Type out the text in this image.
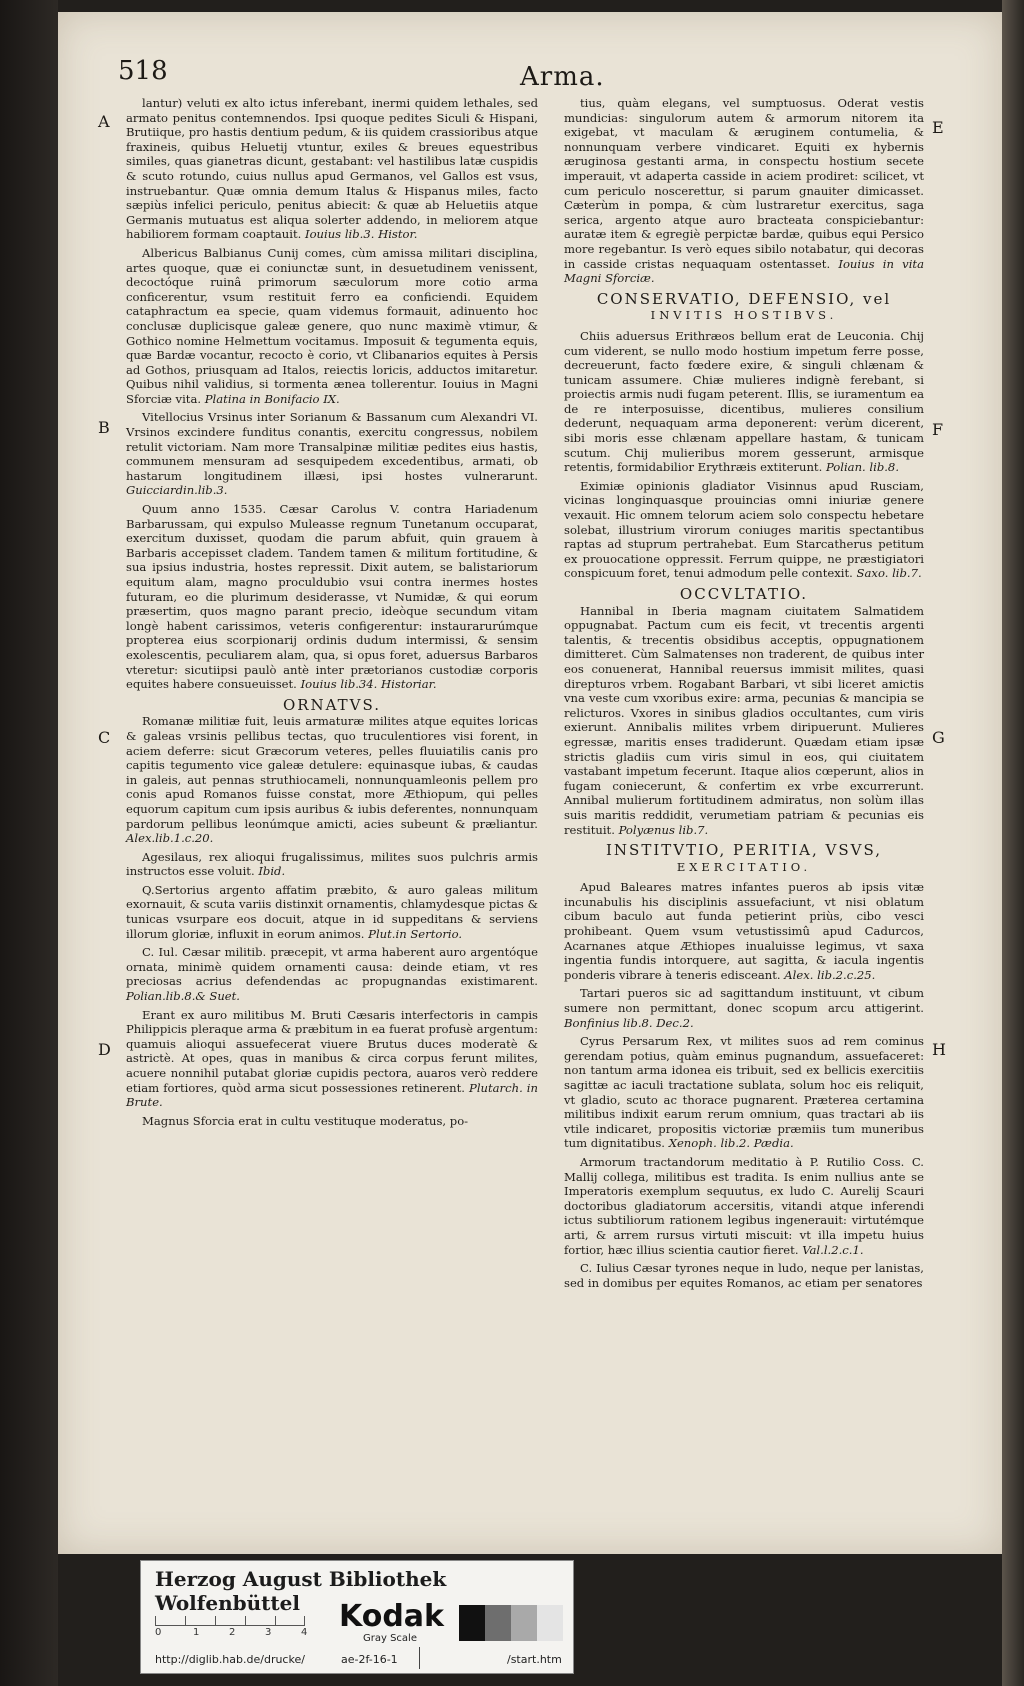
518	Arma.
A
B
C
D
E
F
G
H

lantur) veluti ex alto ictus inferebant, inermi quidem lethales, sed armato penitus contemnendos. Ipsi quoque pedites Siculi & Hispani, Brutiique, pro hastis dentium pedum, & iis quidem crassioribus atque fraxineis, quibus Heluetij vtuntur, exiles & breues equestribus similes, quas gianetras dicunt, gestabant: vel hastilibus latæ cuspidis & scuto rotundo, cuius nullus apud Germanos, vel Gallos est vsus, instruebantur. Quæ omnia demum Italus & Hispanus miles, facto sæpiùs infelici periculo, penitus abiecit: & quæ ab Heluetiis atque Germanis mutuatus est aliqua solerter addendo, in meliorem atque habiliorem formam coaptauit. Iouius lib.3. Histor.

Albericus Balbianus Cunij comes, cùm amissa militari disciplina, artes quoque, quæ ei coniunctæ sunt, in desuetudinem venissent, decoctóque ruinâ primorum sæculorum more cotio arma conficerentur, vsum restituit ferro ea conficiendi. Equidem cataphractum ea specie, quam videmus formauit, adinuento hoc conclusæ duplicisque galeæ genere, quo nunc maximè vtimur, & Gothico nomine Helmettum vocitamus. Imposuit & tegumenta equis, quæ Bardæ vocantur, recocto è corio, vt Clibanarios equites à Persis ad Gothos, priusquam ad Italos, reiectis loricis, adductos imitaretur. Quibus nihil validius, si tormenta ænea tollerentur. Iouius in Magni Sforciæ vita. Platina in Bonifacio IX.

Vitellocius Vrsinus inter Sorianum & Bassanum cum Alexandri VI. Vrsinos excindere funditus conantis, exercitu congressus, nobilem retulit victoriam. Nam more Transalpinæ militiæ pedites eius hastis, communem mensuram ad sesquipedem excedentibus, armati, ob hastarum longitudinem illæsi, ipsi hostes vulnerarunt. Guicciardin.lib.3.

Quum anno 1535. Cæsar Carolus V. contra Hariadenum Barbarussam, qui expulso Muleasse regnum Tunetanum occuparat, exercitum duxisset, quodam die parum abfuit, quin grauem à Barbaris accepisset cladem. Tandem tamen & militum fortitudine, & sua ipsius industria, hostes repressit. Dixit autem, se balistariorum equitum alam, magno proculdubio vsui contra inermes hostes futuram, eo die plurimum desiderasse, vt Numidæ, & qui eorum præsertim, quos magno parant precio, ideòque secundum vitam longè habent carissimos, veteris configerentur: instaurarurúmque propterea eius scorpionarij ordinis dudum intermissi, & sensim exolescentis, peculiarem alam, qua, si opus foret, aduersus Barbaros vteretur: sicutiipsi paulò antè inter prætorianos custodiæ corporis equites habere consueuisset. Iouius lib.34. Historiar.

ORNATVS.

Romanæ militiæ fuit, leuis armaturæ milites atque equites loricas & galeas vrsinis pellibus tectas, quo truculentiores visi forent, in aciem deferre: sicut Græcorum veteres, pelles fluuiatilis canis pro capitis tegumento vice galeæ detulere: equinasque iubas, & caudas in galeis, aut pennas struthiocameli, nonnunquamleonis pellem pro conis apud Romanos fuisse constat, more Æthiopum, qui pelles equorum capitum cum ipsis auribus & iubis deferentes, nonnunquam pardorum pellibus leonúmque amicti, acies subeunt & præliantur. Alex.lib.1.c.20.

Agesilaus, rex alioqui frugalissimus, milites suos pulchris armis instructos esse voluit. Ibid.

Q.Sertorius argento affatim præbito, & auro galeas militum exornauit, & scuta variis distinxit ornamentis, chlamydesque pictas & tunicas vsurpare eos docuit, atque in id suppeditans & serviens illorum gloriæ, influxit in eorum animos. Plut.in Sertorio.

C. Iul. Cæsar militib. præcepit, vt arma haberent auro argentóque ornata, minimè quidem ornamenti causa: deinde etiam, vt res preciosas acrius defendendas ac propugnandas existimarent. Polian.lib.8.& Suet.

Erant ex auro militibus M. Bruti Cæsaris interfectoris in campis Philippicis pleraque arma & præbitum in ea fuerat profusè argentum: quamuis alioqui assuefecerat viuere Brutus duces moderatè & astrictè. At opes, quas in manibus & circa corpus ferunt milites, acuere nonnihil putabat gloriæ cupidis pectora, auaros verò reddere etiam fortiores, quòd arma sicut possessiones retinerent. Plutarch. in Brute.

Magnus Sforcia erat in cultu vestituque moderatus, po-

tius, quàm elegans, vel sumptuosus. Oderat vestis mundicias: singulorum autem & armorum nitorem ita exigebat, vt maculam & æruginem contumelia, & nonnunquam verbere vindicaret. Equiti ex hybernis æruginosa gestanti arma, in conspectu hostium secete imperauit, vt adaperta casside in aciem prodiret: scilicet, vt cum periculo noscerettur, si parum gnauiter dimicasset. Cæterùm in pompa, & cùm lustraretur exercitus, saga serica, argento atque auro bracteata conspiciebantur: auratæ item & egregiè perpictæ bardæ, quibus equi Persico more regebantur. Is verò eques sibilo notabatur, qui decoras in casside cristas nequaquam ostentasset. Iouius in vita Magni Sforciæ.

CONSERVATIO, DEFENSIO, vel

INVITIS HOSTIBVS.

Chiis aduersus Erithræos bellum erat de Leuconia. Chij cum viderent, se nullo modo hostium impetum ferre posse, decreuerunt, facto fœdere exire, & singuli chlænam & tunicam assumere. Chiæ mulieres indignè ferebant, si proiectis armis nudi fugam peterent. Illis, se iuramentum ea de re interposuisse, dicentibus, mulieres consilium dederunt, nequaquam arma deponerent: verùm dicerent, sibi moris esse chlænam appellare hastam, & tunicam scutum. Chij mulieribus morem gesserunt, armisque retentis, formidabilior Erythræis extiterunt. Polian. lib.8.

Eximiæ opinionis gladiator Visinnus apud Rusciam, vicinas longinquasque prouincias omni iniuriæ genere vexauit. Hic omnem telorum aciem solo conspectu hebetare solebat, illustrium virorum coniuges maritis spectantibus raptas ad stuprum pertrahebat. Eum Starcatherus petitum ex prouocatione oppressit. Ferrum quippe, ne præstigiatori conspicuum foret, tenui admodum pelle contexit. Saxo. lib.7.

OCCVLTATIO.

Hannibal in Iberia magnam ciuitatem Salmatidem oppugnabat. Pactum cum eis fecit, vt trecentis argenti talentis, & trecentis obsidibus acceptis, oppugnationem dimitteret. Cùm Salmatenses non traderent, de quibus inter eos conuenerat, Hannibal reuersus immisit milites, quasi direpturos vrbem. Rogabant Barbari, vt sibi liceret amictis vna veste cum vxoribus exire: arma, pecunias & mancipia se relicturos. Vxores in sinibus gladios occultantes, cum viris exierunt. Annibalis milites vrbem diripuerunt. Mulieres egressæ, maritis enses tradiderunt. Quædam etiam ipsæ strictis gladiis cum viris simul in eos, qui ciuitatem vastabant impetum fecerunt. Itaque alios cœperunt, alios in fugam coniecerunt, & confertim ex vrbe excurrerunt. Annibal mulierum fortitudinem admiratus, non solùm illas suis maritis reddidit, verumetiam patriam & pecunias eis restituit. Polyænus lib.7.

INSTITVTIO, PERITIA, VSVS,

EXERCITATIO.

Apud Baleares matres infantes pueros ab ipsis vitæ incunabulis his disciplinis assuefaciunt, vt nisi oblatum cibum baculo aut funda petierint priùs, cibo vesci prohibeant. Quem vsum vetustissimû apud Cadurcos, Acarnanes atque Æthiopes inualuisse legimus, vt saxa ingentia fundis intorquere, aut sagitta, & iacula ingentis ponderis vibrare à teneris edisceant. Alex. lib.2.c.25.

Tartari pueros sic ad sagittandum instituunt, vt cibum sumere non permittant, donec scopum arcu attigerint. Bonfinius lib.8. Dec.2.

Cyrus Persarum Rex, vt milites suos ad rem cominus gerendam potius, quàm eminus pugnandum, assuefaceret: non tantum arma idonea eis tribuit, sed ex bellicis exercitiis sagittæ ac iaculi tractatione sublata, solum hoc eis reliquit, vt gladio, scuto ac thorace pugnarent. Præterea certamina militibus indixit earum rerum omnium, quas tractari ab iis vtile indicaret, propositis victoriæ præmiis tum muneribus tum dignitatibus. Xenoph. lib.2. Pædia.

Armorum tractandorum meditatio à P. Rutilio Coss. C. Mallij collega, militibus est tradita. Is enim nullius ante se Imperatoris exemplum sequutus, ex ludo C. Aurelij Scauri doctoribus gladiatorum accersitis, vitandi atque inferendi ictus subtiliorum rationem legibus ingenerauit: virtutémque arti, & arrem rursus virtuti miscuit: vt illa impetu huius fortior, hæc illius scientia cautior fieret. Val.l.2.c.1.

C. Iulius Cæsar tyrones neque in ludo, neque per lanistas, sed in domibus per equites Romanos, ac etiam per senatores

Herzog August Bibliothek Wolfenbüttel
0	1	2	3	4 Kodak
Gray Scale
http://diglib.hab.de/drucke/	ae-2f-16-1	/start.htm
